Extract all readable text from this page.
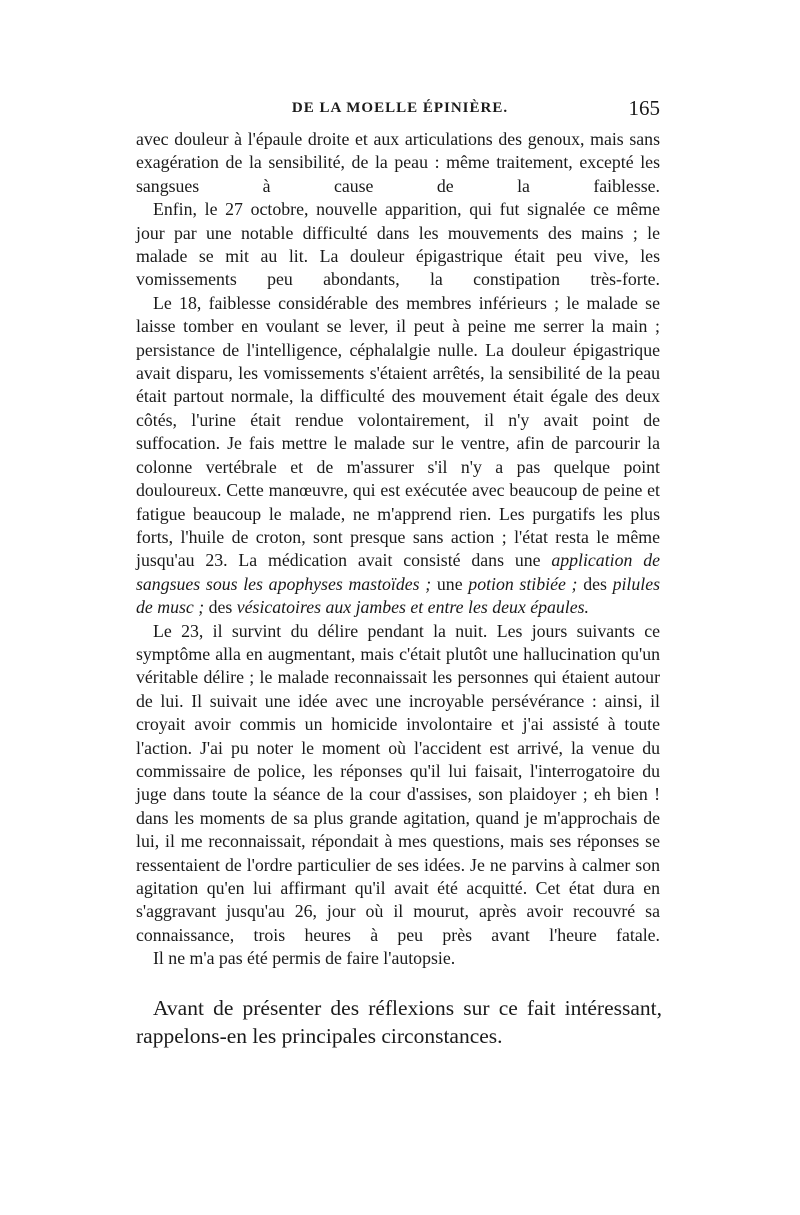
DE LA MOELLE ÉPINIÈRE.	165

avec douleur à l'épaule droite et aux articulations des genoux, mais sans exagération de la sensibilité, de la peau : même traitement, excepté les sangsues à cause de la faiblesse.

Enfin, le 27 octobre, nouvelle apparition, qui fut signalée ce même jour par une notable difficulté dans les mouvements des mains ; le malade se mit au lit. La douleur épigastrique était peu vive, les vomissements peu abondants, la constipation très-forte.

Le 18, faiblesse considérable des membres inférieurs ; le malade se laisse tomber en voulant se lever, il peut à peine me serrer la main ; persistance de l'intelligence, céphalalgie nulle. La douleur épigastrique avait disparu, les vomissements s'étaient arrêtés, la sensibilité de la peau était partout normale, la difficulté des mouvement était égale des deux côtés, l'urine était rendue volontairement, il n'y avait point de suffocation. Je fais mettre le malade sur le ventre, afin de parcourir la colonne vertébrale et de m'assurer s'il n'y a pas quelque point douloureux. Cette manœuvre, qui est exécutée avec beaucoup de peine et fatigue beaucoup le malade, ne m'apprend rien. Les purgatifs les plus forts, l'huile de croton, sont presque sans action ; l'état resta le même jusqu'au 23. La médication avait consisté dans une application de sangsues sous les apophyses mastoïdes ; une potion stibiée ; des pilules de musc ; des vésicatoires aux jambes et entre les deux épaules.

Le 23, il survint du délire pendant la nuit. Les jours suivants ce symptôme alla en augmentant, mais c'était plutôt une hallucination qu'un véritable délire ; le malade reconnaissait les personnes qui étaient autour de lui. Il suivait une idée avec une incroyable persévérance : ainsi, il croyait avoir commis un homicide involontaire et j'ai assisté à toute l'action. J'ai pu noter le moment où l'accident est arrivé, la venue du commissaire de police, les réponses qu'il lui faisait, l'interrogatoire du juge dans toute la séance de la cour d'assises, son plaidoyer ; eh bien ! dans les moments de sa plus grande agitation, quand je m'approchais de lui, il me reconnaissait, répondait à mes questions, mais ses réponses se ressentaient de l'ordre particulier de ses idées. Je ne parvins à calmer son agitation qu'en lui affirmant qu'il avait été acquitté. Cet état dura en s'aggravant jusqu'au 26, jour où il mourut, après avoir recouvré sa connaissance, trois heures à peu près avant l'heure fatale.

Il ne m'a pas été permis de faire l'autopsie.

Avant de présenter des réflexions sur ce fait intéressant, rappelons-en les principales circonstances.
